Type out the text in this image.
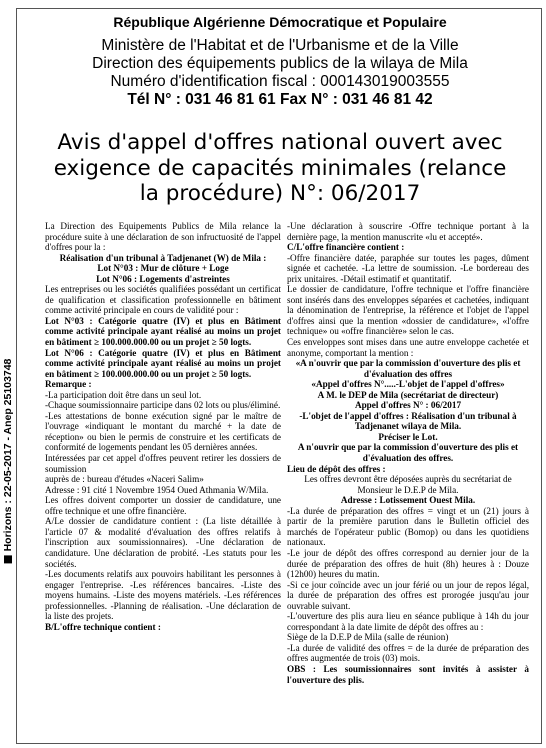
Horizons : 22-05-2017 - Anep 25103748
République Algérienne Démocratique et Populaire
Ministère de l'Habitat et de l'Urbanisme et de la Ville
Direction des équipements publics de la wilaya de Mila
Numéro d'identification fiscal : 000143019003555
Tél N° : 031 46 81 61 Fax N° : 031 46 81 42
Avis d'appel d'offres national ouvert avec
exigence de capacités minimales (relance
la procédure) N°: 06/2017

La Direction des Equipements Publics de Mila relance la procédure suite à une déclaration de son infructuosité de l'appel d'offres pour la :

Réalisation d'un tribunal à Tadjenanet (W) de Mila :

Lot N°03 : Mur de clôture + Loge

Lot N°06 : Logements d'astreintes

Les entreprises ou les sociétés qualifiées possédant un certificat de qualification et classification professionnelle en bâtiment comme activité principale en cours de validité pour :

Lot N°03 : Catégorie quatre (IV) et plus en Bâtiment comme activité principale ayant réalisé au moins un projet en bâtiment ≥ 100.000.000.00 ou un projet ≥ 50 logts.

Lot N°06 : Catégorie quatre (IV) et plus en Bâtiment comme activité principale ayant réalisé au moins un projet en bâtiment ≥ 100.000.000.00 ou un projet ≥ 50 logts.

Remarque :

-La participation doit être dans un seul lot.

-Chaque soumissionnaire participe dans 02 lots ou plus/éliminé.

-Les attestations de bonne exécution signé par le maître de l'ouvrage «indiquant le montant du marché + la date de réception» ou bien le permis de construire et les certificats de conformité de logements pendant les 05 dernières années.

Intéressées par cet appel d'offres peuvent retirer les dossiers de soumission

auprès de : bureau d'études «Naceri Salim»

Adresse : 91 cité 1 Novembre 1954 Oued Athmania W/Mila.

Les offres doivent comporter un dossier de candidature, une offre technique et une offre financière.

A/Le dossier de candidature contient : (La liste détaillée à l'article 07 & modalité d'évaluation des offres relatifs à l'inscription aux soumissionnaires). -Une déclaration de candidature. Une déclaration de probité. -Les statuts pour les sociétés.

-Les documents relatifs aux pouvoirs habilitant les personnes à engager l'entreprise. -Les références bancaires. -Liste des moyens humains. -Liste des moyens matériels. -Les références professionnelles. -Planning de réalisation. -Une déclaration de la liste des projets.

B/L'offre technique contient :

-Une déclaration à souscrire -Offre technique portant à la dernière page, la mention manuscrite «lu et accepté».

C/L'offre financière contient :

-Offre financière datée, paraphée sur toutes les pages, dûment signée et cachetée. -La lettre de soumission. -Le bordereau des prix unitaires. -Détail estimatif et quantitatif.

Le dossier de candidature, l'offre technique et l'offre financière sont insérés dans des enveloppes séparées et cachetées, indiquant la dénomination de l'entreprise, la référence et l'objet de l'appel d'offres ainsi que la mention «dossier de candidature», «l'offre technique» ou «offre financière» selon le cas.

Ces enveloppes sont mises dans une autre enveloppe cachetée et anonyme, comportant la mention :

«A n'ouvrir que par la commission d'ouverture des plis et d'évaluation des offres

«Appel d'offres N°.....-L'objet de l'appel d'offres»

A M. le DEP de Mila (secrétariat de directeur)

Appel d'offres N° : 06/2017

-L'objet de l'appel d'offres : Réalisation d'un tribunal à Tadjenanet wilaya de Mila.

Préciser le Lot.

A n'ouvrir que par la commission d'ouverture des plis et d'évaluation des offres.

Lieu de dépôt des offres :

Les offres devront être déposées auprès du secrétariat de Monsieur le D.E.P de Mila.

Adresse : Lotissement Ouest Mila.

-La durée de préparation des offres = vingt et un (21) jours à partir de la première parution dans le Bulletin officiel des marchés de l'opérateur public (Bomop) ou dans les quotidiens nationaux.

-Le jour de dépôt des offres correspond au dernier jour de la durée de préparation des offres de huit (8h) heures à : Douze (12h00) heures du matin.

-Si ce jour coïncide avec un jour férié ou un jour de repos légal, la durée de préparation des offres est prorogée jusqu'au jour ouvrable suivant.

-L'ouverture des plis aura lieu en séance publique à 14h du jour correspondant à la date limite de dépôt des offres au :

Siège de la D.E.P de Mila (salle de réunion)

-La durée de validité des offres = de la durée de préparation des offres augmentée de trois (03) mois.

OBS : Les soumissionnaires sont invités à assister à l'ouverture des plis.
